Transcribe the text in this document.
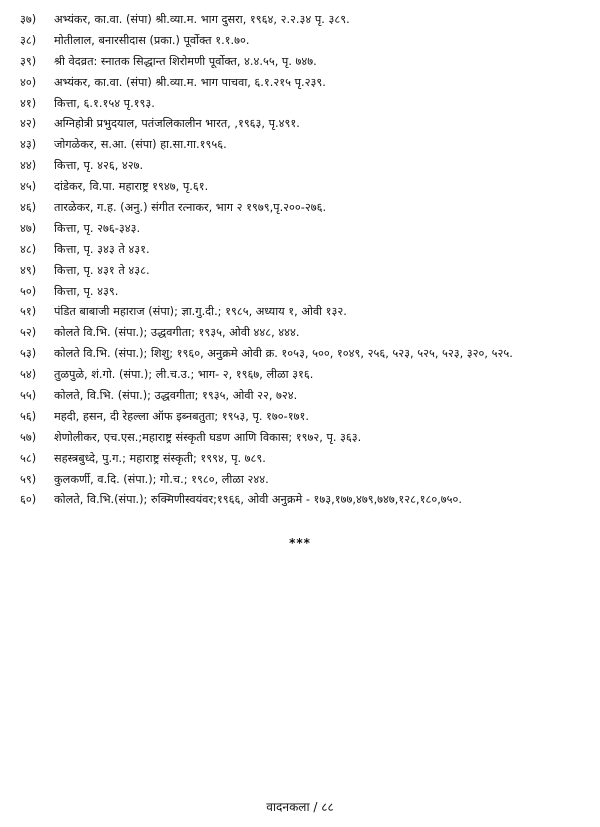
३७)	अभ्यंकर, का.वा. (संपा) श्री.व्या.म. भाग दुसरा, १९६४, २.२.३४ पृ. ३८९.
३८)	मोतीलाल, बनारसीदास (प्रका.) पूर्वोक्त १.१.७०.
३९)	श्री वेदव्रत: स्नातक सिद्धान्त शिरोमणी पूर्वोक्त, ४.४.५५, पृ. ७४७.
४०)	अभ्यंकर, का.वा. (संपा) श्री.व्या.म. भाग पाचवा, ६.१.२१५ पृ.२३९.
४१)	कित्ता, ६.१.१५४ पृ.१९३.
४२)	अग्निहोत्री प्रभुदयाल, पतंजलिकालीन भारत, ,१९६३, पृ.४९१.
४३)	जोगळेकर, स.आ. (संपा) हा.सा.गा.१९५६.
४४)	कित्ता, पृ. ४२६, ४२७.
४५)	दांडेकर, वि.पा. महाराष्ट्र १९४७, पृ.६१.
४६)	तारळेकर, ग.ह. (अनु.) संगीत रत्नाकर, भाग २ १९७९,पृ.२००-२७६.
४७)	कित्ता, पृ. २७६-३४३.
४८)	कित्ता, पृ. ३४३ ते ४३१.
४९)	कित्ता, पृ. ४३१ ते ४३८.
५०)	कित्ता, पृ. ४३९.
५१)	पंडित बाबाजी महाराज (संपा); ज्ञा.गु.दी.; १९८५, अध्याय १, ओवी १३२.
५२)	कोलते वि.भि. (संपा.); उद्धवगीता; १९३५, ओवी ४४८, ४४४.
५३)	कोलते वि.भि. (संपा.); शिशु; १९६०, अनुक्रमे ओवी क्र. १०५३, ५००, १०४९, २५६, ५२३, ५२५, ५२३, ३२०, ५२५.
५४)	तुळपुळे, शं.गो. (संपा.); ली.च.उ.; भाग- २, १९६७, लीळा ३१६.
५५)	कोलते, वि.भि. (संपा.); उद्धवगीता; १९३५, ओवी २२, ७२४.
५६)	महदी, हसन, दी रेहल्ला ऑफ इब्नबतुता; १९५३, पृ. १७०-१७१.
५७)	शेणोलीकर, एच.एस.;महाराष्ट्र संस्कृती घडण आणि विकास; १९७२, पृ. ३६३.
५८)	सहस्त्रबुध्दे, पु.ग.; महाराष्ट्र संस्कृती; १९९४, पृ. ७८९.
५९)	कुलकर्णी, व.दि. (संपा.); गो.च.; १९८०, लीळा २४४.
६०)	कोलते, वि.भि.(संपा.); रुक्मिणीस्वयंवर;१९६६, ओवी अनुक्रमे - १७३,१७७,४७९,७४७,१२८,१८०,७५०.
***
वादनकला / ८८
